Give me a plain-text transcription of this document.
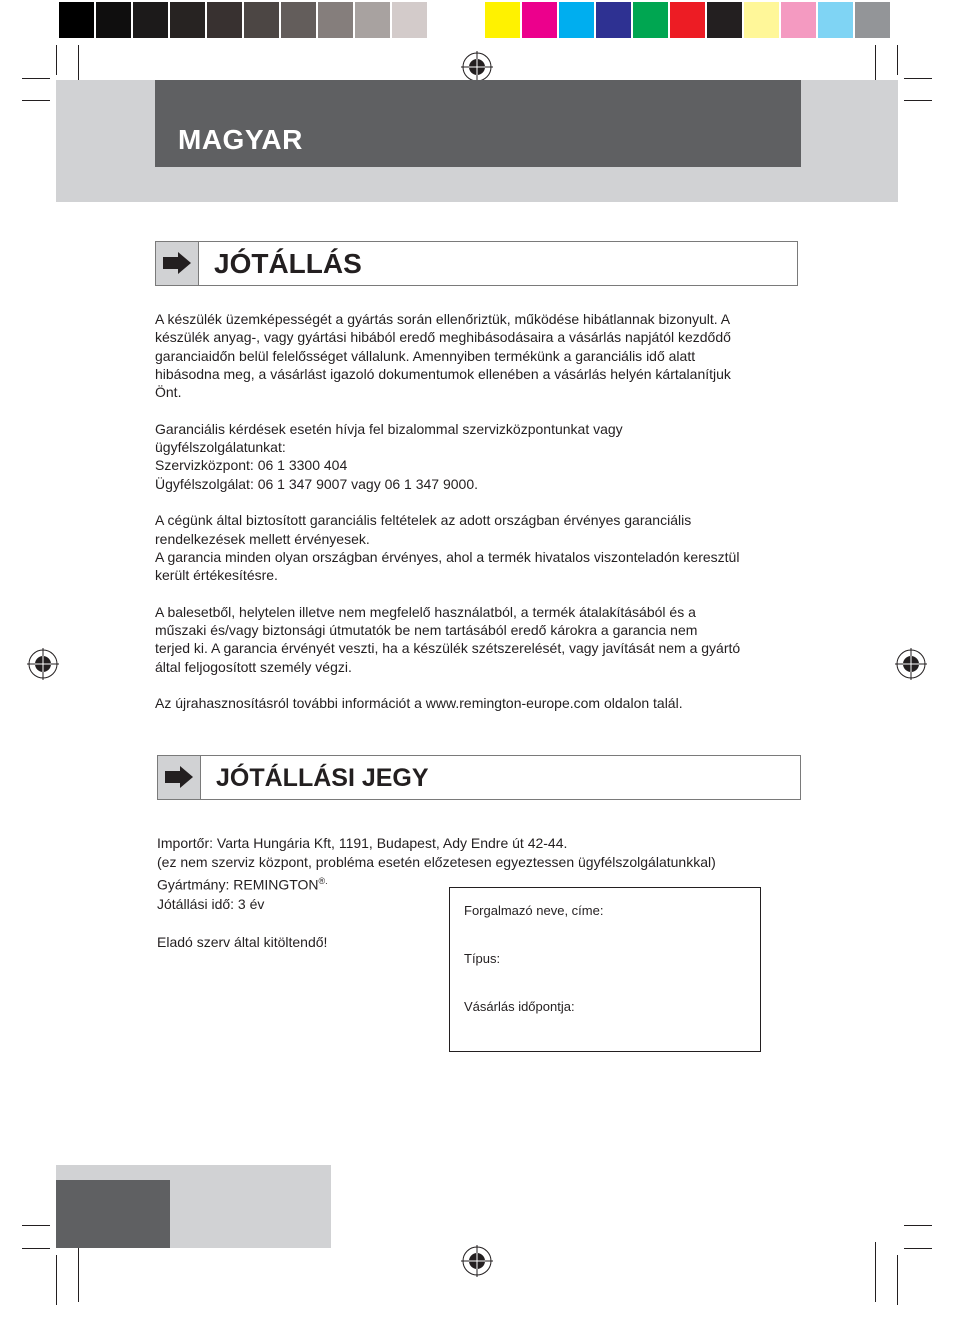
MAGYAR
JÓTÁLLÁS

A készülék üzemképességét a gyártás során ellenőriztük, működése hibátlannak bizonyult. A
készülék anyag-, vagy gyártási hibából eredő meghibásodásaira a vásárlás napjától kezdődő
garanciaidőn belül felelősséget vállalunk. Amennyiben termékünk a garanciális idő alatt
hibásodna meg, a vásárlást igazoló dokumentumok ellenében a vásárlás helyén kártalanítjuk
Önt.

Garanciális kérdések esetén hívja fel bizalommal szervizközpontunkat vagy
ügyfélszolgálatunkat:
Szervizközpont: 06 1 3300 404
Ügyfélszolgálat: 06 1 347 9007 vagy 06 1 347 9000.

A cégünk által biztosított garanciális feltételek az adott országban érvényes garanciális
rendelkezések mellett érvényesek.
A garancia minden olyan országban érvényes, ahol a termék hivatalos viszonteladón keresztül
került értékesítésre.

A balesetből, helytelen illetve nem megfelelő használatból, a termék átalakításából és a
műszaki és/vagy biztonsági útmutatók be nem tartásából eredő károkra a garancia nem
terjed ki. A garancia érvényét veszti, ha a készülék szétszerelését, vagy javítását nem a gyártó
által feljogosított személy végzi.

Az újrahasznosításról további információt a www.remington-europe.com oldalon talál.

JÓTÁLLÁSI JEGY
Importőr: Varta Hungária Kft, 1191, Budapest, Ady Endre út 42-44.
(ez nem szerviz központ, probléma esetén előzetesen egyeztessen ügyfélszolgálatunkkal)
Gyártmány: REMINGTON®.
Jótállási idő: 3 év

Eladó szerv által kitöltendő!
Forgalmazó neve, címe:
Típus:
Vásárlás időpontja:
